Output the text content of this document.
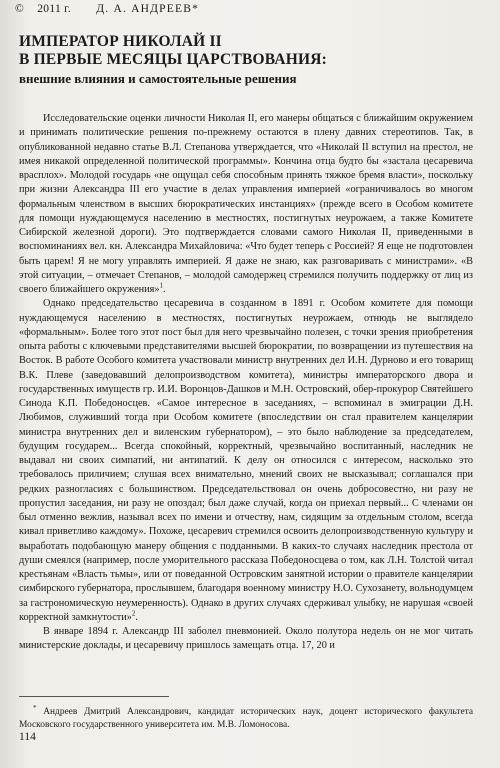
© 2011 г. Д. А. АНДРЕЕВ*
ИМПЕРАТОР НИКОЛАЙ II
В ПЕРВЫЕ МЕСЯЦЫ ЦАРСТВОВАНИЯ:
внешние влияния и самостоятельные решения

Исследовательские оценки личности Николая II, его манеры общаться с ближайшим окружением и принимать политические решения по-прежнему остаются в плену давних стереотипов. Так, в опубликованной недавно статье В.Л. Степанова утверждается, что «Николай II вступил на престол, не имея никакой определенной политической программы». Кончина отца будто бы «застала цесаревича врасплох». Молодой государь «не ощущал себя способным принять тяжкое бремя власти», поскольку при жизни Александра III его участие в делах управления империей «ограничивалось во многом формальным членством в высших бюрократических инстанциях» (прежде всего в Особом комитете для помощи нуждающемуся населению в местностях, постигнутых неурожаем, а также Комитете Сибирской железной дороги). Это подтверждается словами самого Николая II, приведенными в воспоминаниях вел. кн. Александра Михайловича: «Что будет теперь с Россией? Я еще не подготовлен быть царем! Я не могу управлять империей. Я даже не знаю, как разговаривать с министрами». «В этой ситуации, – отмечает Степанов, – молодой самодержец стремился получить поддержку от лиц из своего ближайшего окружения»$^1$.

Однако председательство цесаревича в созданном в 1891 г. Особом комитете для помощи нуждающемуся населению в местностях, постигнутых неурожаем, отнюдь не выглядело «формальным». Более того этот пост был для него чрезвычайно полезен, с точки зрения приобретения опыта работы с ключевыми представителями высшей бюрократии, по возвращении из путешествия на Восток. В работе Особого комитета участвовали министр внутренних дел И.Н. Дурново и его товарищ В.К. Плеве (заведовавший делопроизводством комитета), министры императорского двора и государственных имуществ гр. И.И. Воронцов-Дашков и М.Н. Островский, обер-прокурор Святейшего Синода К.П. Победоносцев. «Самое интересное в заседаниях, – вспоминал в эмиграции Д.Н. Любимов, служивший тогда при Особом комитете (впоследствии он стал правителем канцелярии министра внутренних дел и виленским губернатором), – это было наблюдение за председателем, будущим государем... Всегда спокойный, корректный, чрезвычайно воспитанный, наследник не выдавал ни своих симпатий, ни антипатий. К делу он относился с интересом, насколько это требовалось приличием; слушая всех внимательно, мнений своих не высказывал; соглашался при редких разногласиях с большинством. Председательствовал он очень добросовестно, ни разу не пропустил заседания, ни разу не опоздал; был даже случай, когда он приехал первый... С членами он был отменно вежлив, называл всех по имени и отчеству, нам, сидящим за отдельным столом, всегда кивал приветливо каждому». Похоже, цесаревич стремился освоить делопроизводственную культуру и выработать подобающую манеру общения с подданными. В каких-то случаях наследник престола от души смеялся (например, после уморительного рассказа Победоносцева о том, как Л.Н. Толстой читал крестьянам «Власть тьмы», или от поведанной Островским занятной истории о правителе канцелярии симбирского губернатора, прослывшем, благодаря военному министру Н.О. Сухозанету, вольнодумцем за гастрономическую неумеренность). Однако в других случаях сдерживал улыбку, не нарушая «своей корректной замкнутости»$^2$.

В январе 1894 г. Александр III заболел пневмонией. Около полутора недель он не мог читать министерские доклады, и цесаревичу пришлось замещать отца. 17, 20 и

* Андреев Дмитрий Александрович, кандидат исторических наук, доцент исторического факультета Московского государственного университета им. М.В. Ломоносова.
114
